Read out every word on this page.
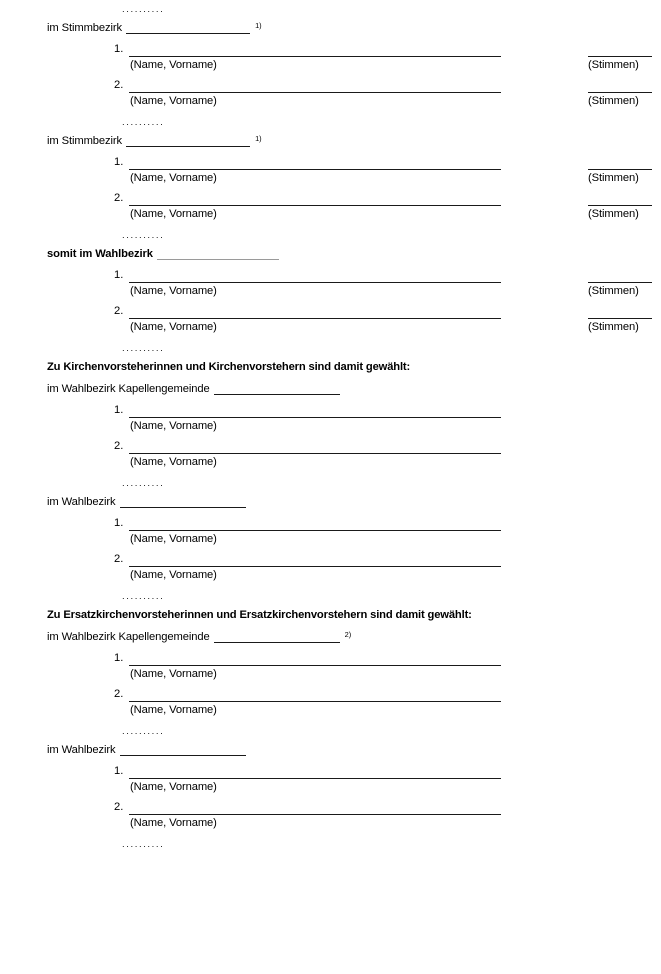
..........
im Stimmbezirk	1)
1.
(Name, Vorname)	(Stimmen)
2.
(Name, Vorname)	(Stimmen)
..........
im Stimmbezirk	1)
1.
(Name, Vorname)	(Stimmen)
2.
(Name, Vorname)	(Stimmen)
..........
somit im Wahlbezirk
1.
(Name, Vorname)	(Stimmen)
2.
(Name, Vorname)	(Stimmen)
..........
Zu Kirchenvorsteherinnen und Kirchenvorstehern sind damit gewählt:
im Wahlbezirk Kapellengemeinde
1.
(Name, Vorname)
2.
(Name, Vorname)
..........
im Wahlbezirk
1.
(Name, Vorname)
2.
(Name, Vorname)
..........
Zu Ersatzkirchenvorsteherinnen und Ersatzkirchenvorstehern sind damit gewählt:
im Wahlbezirk Kapellengemeinde	2)
1.
(Name, Vorname)
2.
(Name, Vorname)
..........
im Wahlbezirk
1.
(Name, Vorname)
2.
(Name, Vorname)
..........
